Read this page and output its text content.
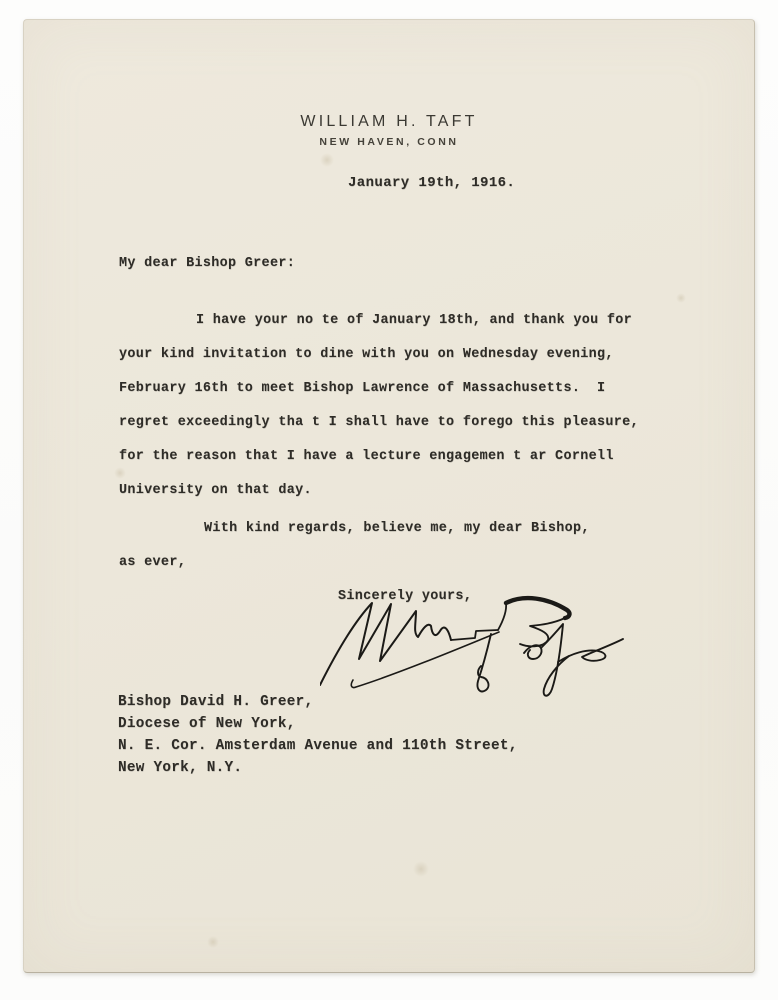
WILLIAM H. TAFT
NEW HAVEN, CONN
January 19th, 1916.
My dear Bishop Greer:
I have your no te of January 18th, and thank you for
your kind invitation to dine with you on Wednesday evening,
February 16th to meet Bishop Lawrence of Massachusetts.  I
regret exceedingly tha t I shall have to forego this pleasure,
for the reason that I have a lecture engagemen t ar Cornell
University on that day.
With kind regards, believe me, my dear Bishop,
as ever,
Sincerely yours,
Bishop David H. Greer,
Diocese of New York,
N. E. Cor. Amsterdam Avenue and 110th Street,
New York, N.Y.
